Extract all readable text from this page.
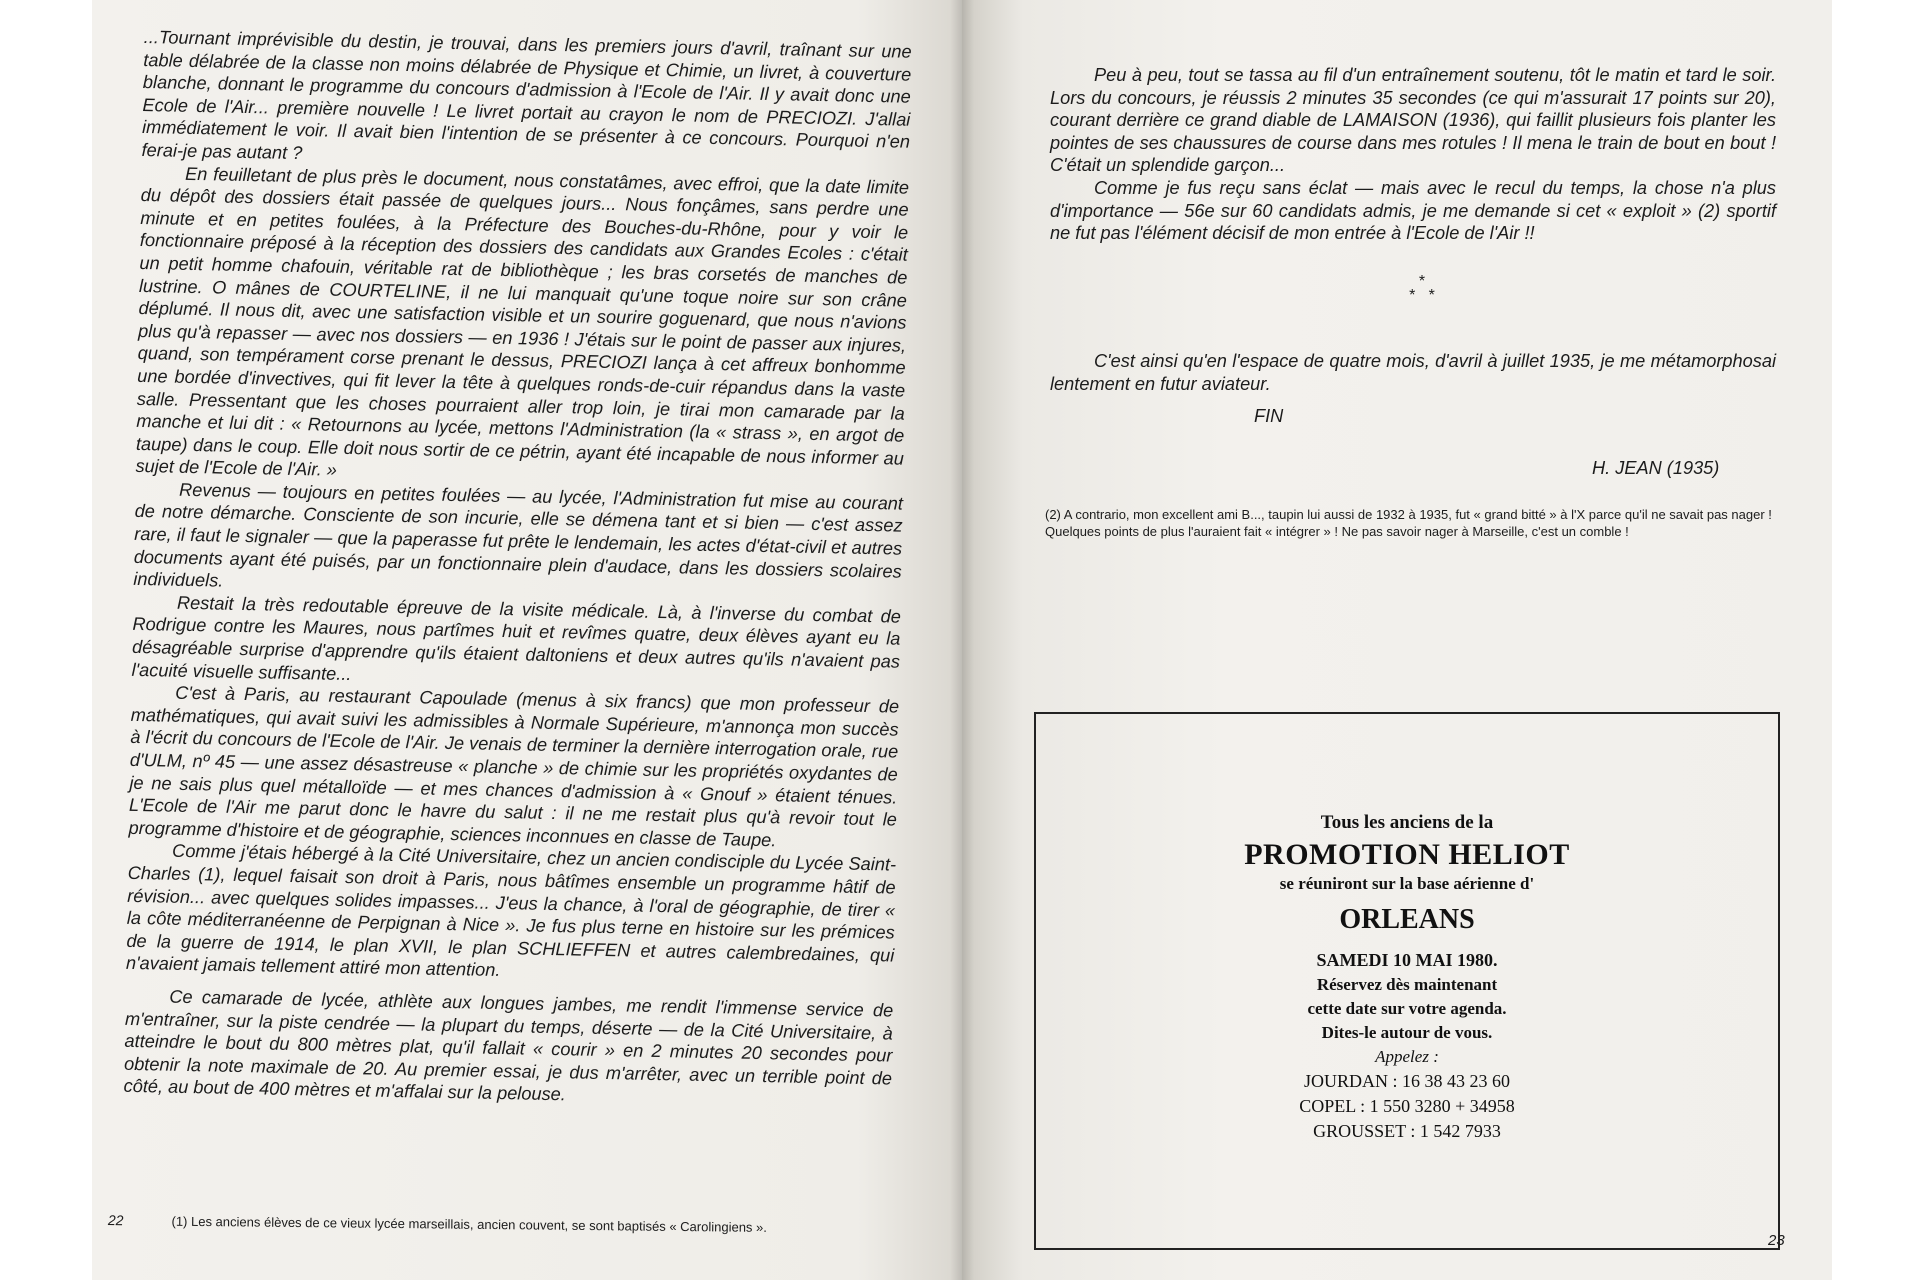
...Tournant imprévisible du destin, je trouvai, dans les premiers jours d'avril, traînant sur une table délabrée de la classe non moins délabrée de Physique et Chimie, un livret, à couverture blanche, donnant le programme du concours d'admission à l'Ecole de l'Air. Il y avait donc une Ecole de l'Air... première nouvelle ! Le livret portait au crayon le nom de PRECIOZI. J'allai immédiatement le voir. Il avait bien l'intention de se présenter à ce concours. Pourquoi n'en ferai-je pas autant ?

En feuilletant de plus près le document, nous constatâmes, avec effroi, que la date limite du dépôt des dossiers était passée de quelques jours... Nous fonçâmes, sans perdre une minute et en petites foulées, à la Préfecture des Bouches-du-Rhône, pour y voir le fonctionnaire préposé à la réception des dossiers des candidats aux Grandes Ecoles : c'était un petit homme chafouin, véritable rat de bibliothèque ; les bras corsetés de manches de lustrine. O mânes de COURTELINE, il ne lui manquait qu'une toque noire sur son crâne déplumé. Il nous dit, avec une satisfaction visible et un sourire goguenard, que nous n'avions plus qu'à repasser — avec nos dossiers — en 1936 ! J'étais sur le point de passer aux injures, quand, son tempérament corse prenant le dessus, PRECIOZI lança à cet affreux bonhomme une bordée d'invectives, qui fit lever la tête à quelques ronds-de-cuir répandus dans la vaste salle. Pressentant que les choses pourraient aller trop loin, je tirai mon camarade par la manche et lui dit : « Retournons au lycée, mettons l'Administration (la « strass », en argot de taupe) dans le coup. Elle doit nous sortir de ce pétrin, ayant été incapable de nous informer au sujet de l'Ecole de l'Air. »

Revenus — toujours en petites foulées — au lycée, l'Administration fut mise au courant de notre démarche. Consciente de son incurie, elle se démena tant et si bien — c'est assez rare, il faut le signaler — que la paperasse fut prête le lendemain, les actes d'état-civil et autres documents ayant été puisés, par un fonctionnaire plein d'audace, dans les dossiers scolaires individuels.

Restait la très redoutable épreuve de la visite médicale. Là, à l'inverse du combat de Rodrigue contre les Maures, nous partîmes huit et revîmes quatre, deux élèves ayant eu la désagréable surprise d'apprendre qu'ils étaient daltoniens et deux autres qu'ils n'avaient pas l'acuité visuelle suffisante...

C'est à Paris, au restaurant Capoulade (menus à six francs) que mon professeur de mathématiques, qui avait suivi les admissibles à Normale Supérieure, m'annonça mon succès à l'écrit du concours de l'Ecole de l'Air. Je venais de terminer la dernière interrogation orale, rue d'ULM, nº 45 — une assez désastreuse « planche » de chimie sur les propriétés oxydantes de je ne sais plus quel métalloïde — et mes chances d'admission à « Gnouf » étaient ténues. L'Ecole de l'Air me parut donc le havre du salut : il ne me restait plus qu'à revoir tout le programme d'histoire et de géographie, sciences inconnues en classe de Taupe.

Comme j'étais hébergé à la Cité Universitaire, chez un ancien condisciple du Lycée Saint-Charles (1), lequel faisait son droit à Paris, nous bâtîmes ensemble un programme hâtif de révision... avec quelques solides impasses... J'eus la chance, à l'oral de géographie, de tirer « la côte méditerranéenne de Perpignan à Nice ». Je fus plus terne en histoire sur les prémices de la guerre de 1914, le plan XVII, le plan SCHLIEFFEN et autres calembredaines, qui n'avaient jamais tellement attiré mon attention.

Ce camarade de lycée, athlète aux longues jambes, me rendit l'immense service de m'entraîner, sur la piste cendrée — la plupart du temps, déserte — de la Cité Universitaire, à atteindre le bout du 800 mètres plat, qu'il fallait « courir » en 2 minutes 20 secondes pour obtenir la note maximale de 20. Au premier essai, je dus m'arrêter, avec un terrible point de côté, au bout de 400 mètres et m'affalai sur la pelouse.

22	(1) Les anciens élèves de ce vieux lycée marseillais, ancien couvent, se sont baptisés « Carolingiens ».

Peu à peu, tout se tassa au fil d'un entraînement soutenu, tôt le matin et tard le soir. Lors du concours, je réussis 2 minutes 35 secondes (ce qui m'assurait 17 points sur 20), courant derrière ce grand diable de LAMAISON (1936), qui faillit plusieurs fois planter les pointes de ses chaussures de course dans mes rotules ! Il mena le train de bout en bout ! C'était un splendide garçon...

Comme je fus reçu sans éclat — mais avec le recul du temps, la chose n'a plus d'importance — 56e sur 60 candidats admis, je me demande si cet « exploit » (2) sportif ne fut pas l'élément décisif de mon entrée à l'Ecole de l'Air !!

*
*   *

C'est ainsi qu'en l'espace de quatre mois, d'avril à juillet 1935, je me métamorphosai lentement en futur aviateur.

FIN
H. JEAN (1935)
(2) A contrario, mon excellent ami B..., taupin lui aussi de 1932 à 1935, fut « grand bitté » à l'X parce qu'il ne savait pas nager ! Quelques points de plus l'auraient fait « intégrer » ! Ne pas savoir nager à Marseille, c'est un comble !
Tous les anciens de la
PROMOTION HELIOT
se réuniront sur la base aérienne d'
ORLEANS
SAMEDI 10 MAI 1980.
Réservez dès maintenant
cette date sur votre agenda.
Dites-le autour de vous.
Appelez :
JOURDAN : 16 38 43 23 60
COPEL : 1 550 3280 + 34958
GROUSSET : 1 542 7933
23
